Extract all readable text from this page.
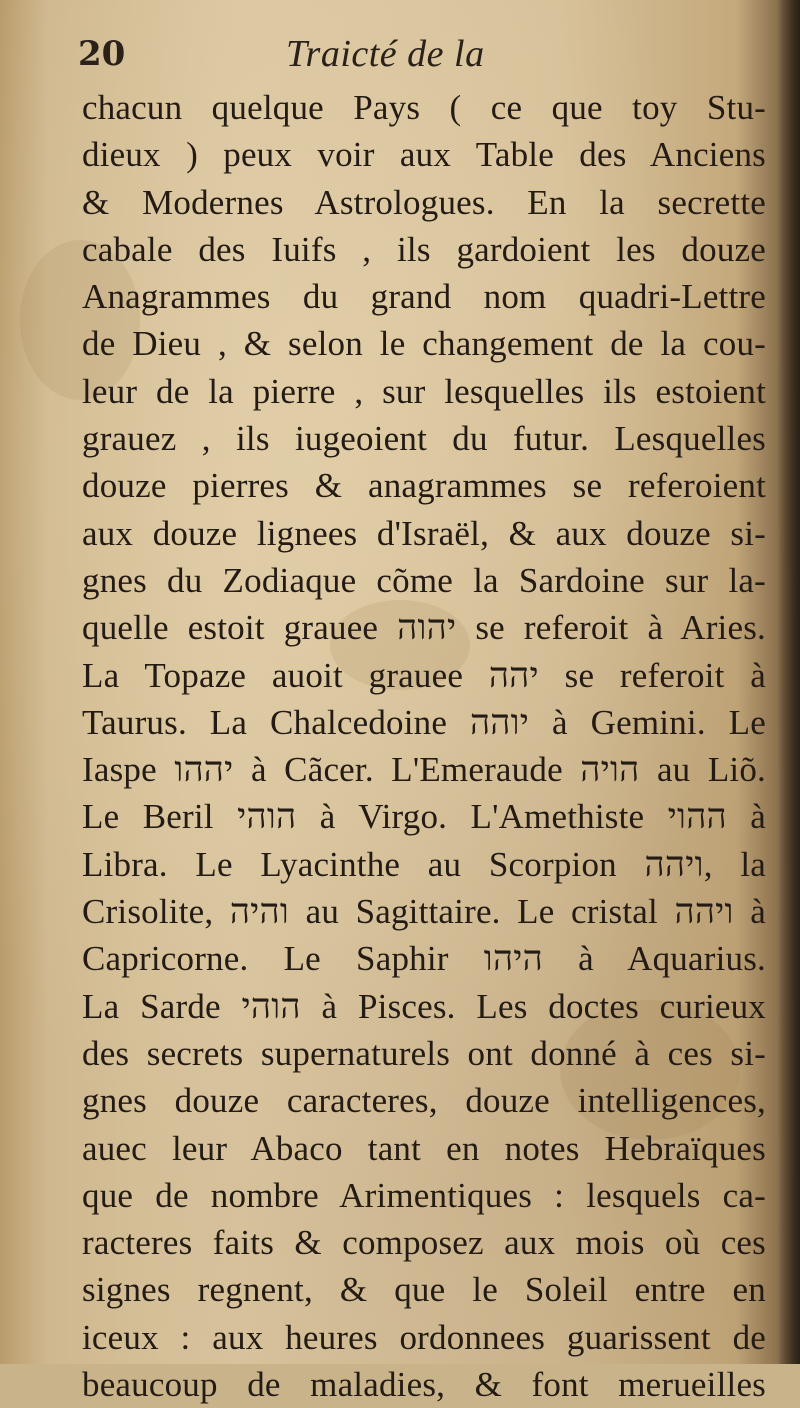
20	Traicté de la
chacun quelque Pays ( ce que toy Stu-
dieux ) peux voir aux Table des Anciens
& Modernes Astrologues. En la secrette
cabale des Iuifs , ils gardoient les douze
Anagrammes du grand nom quadri-Lettre
de Dieu , & selon le changement de la cou-
leur de la pierre , sur lesquelles ils estoient
grauez , ils iugeoient du futur. Lesquelles
douze pierres & anagrammes se referoient
aux douze lignees d'Israël, & aux douze si-
gnes du Zodiaque cõme la Sardoine sur la-
quelle estoit grauee יהוה se referoit à Aries.
La Topaze auoit grauee יהה se referoit à
Taurus. La Chalcedoine יוהה à Gemini. Le
Iaspe יההו à Cãcer. L'Emeraude הויה au Liõ.
Le Beril הוהי à Virgo. L'Amethiste ההוי à
Libra. Le Lyacinthe au Scorpion ויהה, la
Crisolite, והיה au Sagittaire. Le cristal ויהה à
Capricorne. Le Saphir היהו à Aquarius.
La Sarde הוהי à Pisces. Les doctes curieux
des secrets supernaturels ont donné à ces si-
gnes douze caracteres, douze intelligences,
auec leur Abaco tant en notes Hebraïques
que de nombre Arimentiques : lesquels ca-
racteres faits & composez aux mois où ces
signes regnent, & que le Soleil entre en
iceux : aux heures ordonnees guarissent de
beaucoup de maladies, & font merueilles
